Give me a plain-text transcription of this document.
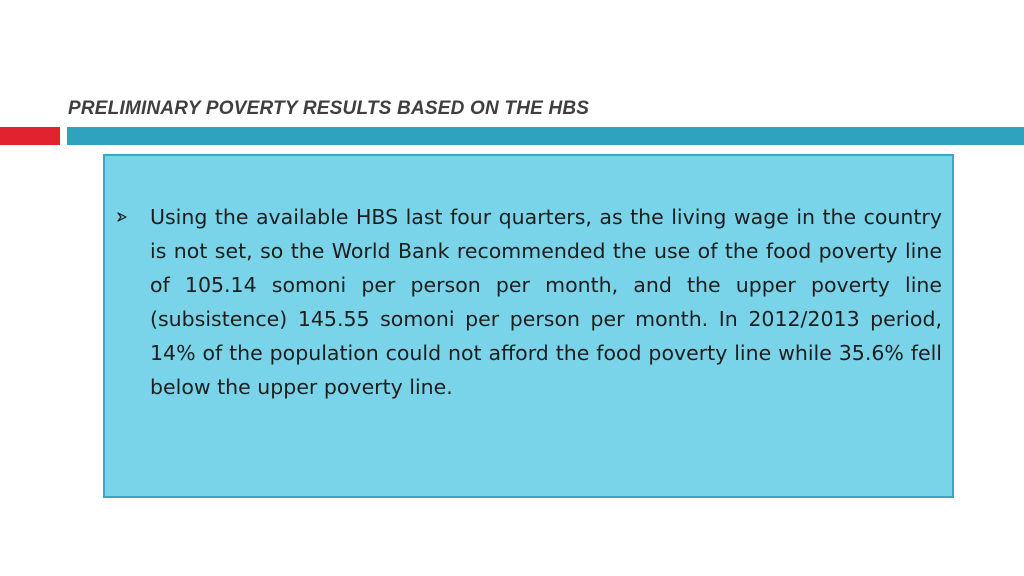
PRELIMINARY POVERTY RESULTS BASED ON THE HBS

Using the available HBS last four quarters, as the living wage in the country is not set, so the World Bank recommended the use of the food poverty line of 105.14 somoni per person per month, and the upper poverty line (subsistence) 145.55 somoni per person per month. In 2012/2013 period, 14% of the population could not afford the food poverty line while 35.6% fell below the upper poverty line.
